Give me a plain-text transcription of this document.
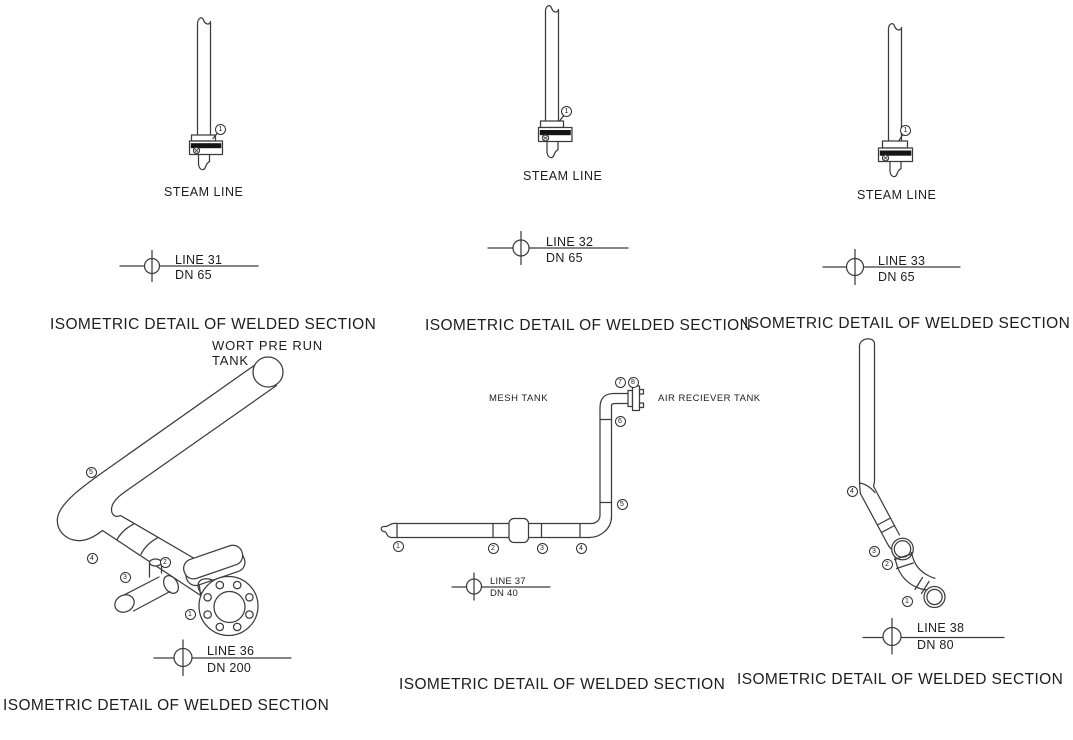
STEAM LINE
LINE 31
DN 65
ISOMETRIC DETAIL OF WELDED SECTION
1
STEAM LINE
LINE 32
DN 65
ISOMETRIC DETAIL OF WELDED SECTION
1
STEAM LINE
LINE 33
DN 65
ISOMETRIC DETAIL OF WELDED SECTION
1
WORT PRE RUN
TANK
LINE 36
DN 200
ISOMETRIC DETAIL OF WELDED SECTION
5
4
3
2
1
MESH TANK	AIR RECIEVER TANK
LINE 37
DN 40
ISOMETRIC DETAIL OF WELDED SECTION
1	2	3	4
5
6
7	8
LINE 38
DN 80
ISOMETRIC DETAIL OF WELDED SECTION
4
3
2
1
